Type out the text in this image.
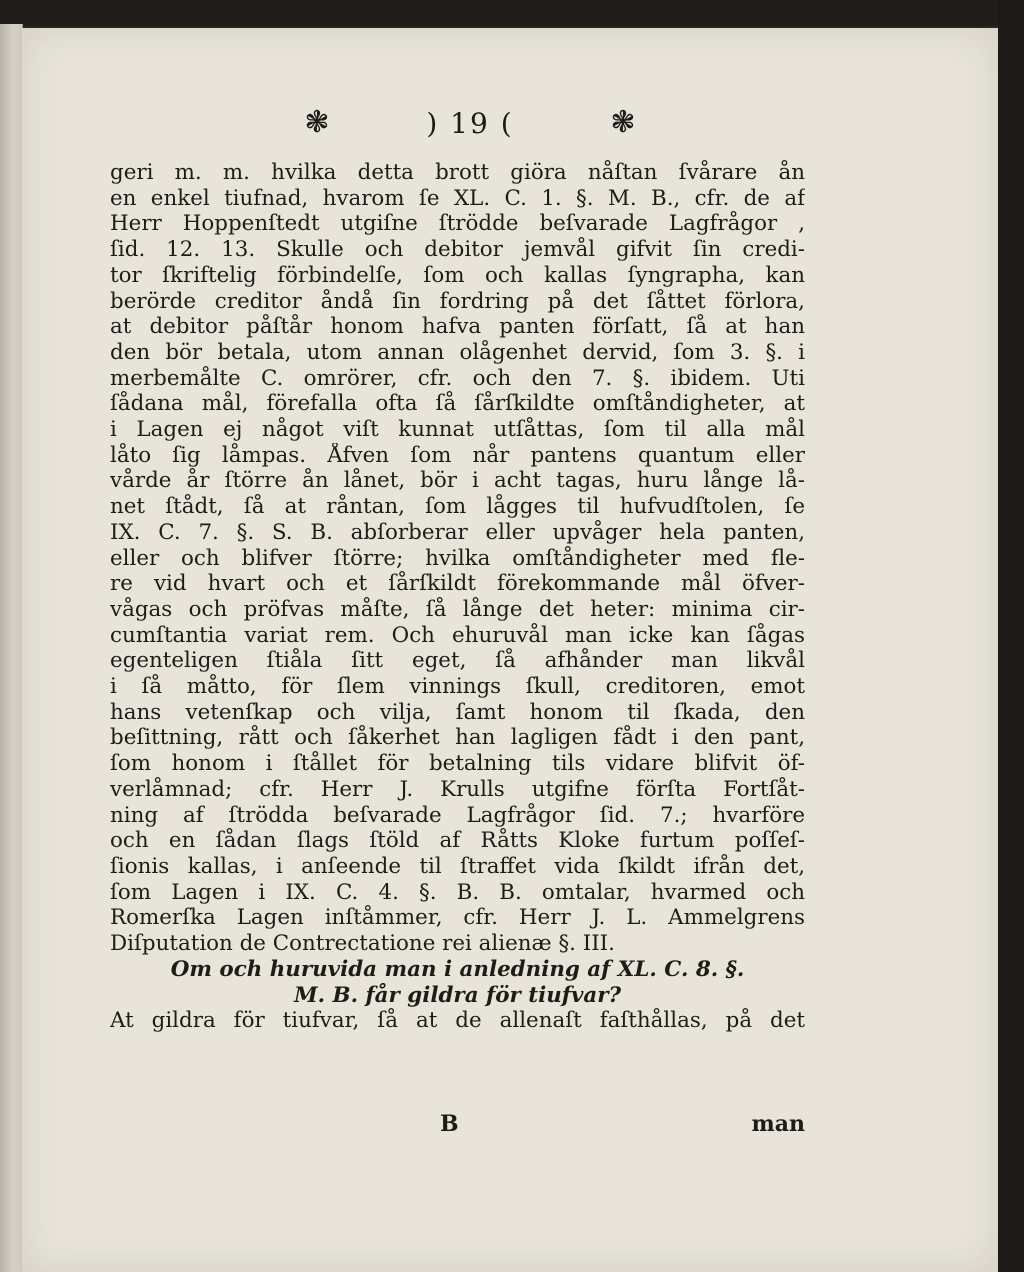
❃	) 19 (	❃
geri m. m. hvilka detta brott giöra nåſtan ſvårare ån
en enkel tiufnad, hvarom ſe XL. C. 1. §. M. B., cfr. de af
Herr Hoppenſtedt utgiſne ſtrödde beſvarade Lagfrågor ,
ſid. 12. 13. Skulle och debitor jemvål gifvit ſin credi-
tor ſkriftelig förbindelſe, ſom och kallas ſyngrapha, kan
berörde creditor åndå ſin fordring på det ſåttet förlora,
at debitor påſtår honom hafva panten förſatt, ſå at han
den bör betala, utom annan olågenhet dervid, ſom 3. §. i
merbemålte C. omrörer, cfr. och den 7. §. ibidem. Uti
ſådana mål, förefalla ofta ſå ſårſkildte omſtåndigheter, at
i Lagen ej något viſt kunnat utſåttas, ſom til alla mål
låto ſig låmpas. Åfven ſom når pantens quantum eller
vårde år ſtörre ån lånet, bör i acht tagas, huru långe lå-
net ſtådt, ſå at råntan, ſom lågges til hufvudſtolen, ſe
IX. C. 7. §. S. B. abſorberar eller upvåger hela panten,
eller och blifver ſtörre; hvilka omſtåndigheter med fle-
re vid hvart och et ſårſkildt förekommande mål öfver-
vågas och pröfvas måſte, ſå långe det heter: minima cir-
cumſtantia variat rem. Och ehuruvål man icke kan ſågas
egenteligen ſtiåla ſitt eget, ſå afhånder man likvål
i ſå måtto, för ſlem vinnings ſkull, creditoren, emot
hans vetenſkap och vilja, ſamt honom til ſkada, den
beſittning, rått och ſåkerhet han lagligen fådt i den pant,
ſom honom i ſtållet för betalning tils vidare blifvit öf-
verlåmnad; cfr. Herr J. Krulls utgifne förſta Fortſåt-
ning af ſtrödda beſvarade Lagfrågor ſid. 7.; hvarföre
och en ſådan ſlags ſtöld af Råtts Kloke furtum poſſeſ-
ſionis kallas, i anſeende til ſtraffet vida ſkildt ifrån det,
ſom Lagen i IX. C. 4. §. B. B. omtalar, hvarmed och
Romerſka Lagen inſtåmmer, cfr. Herr J. L. Ammelgrens
Diſputation de Contrectatione rei alienæ §. III.
Om och huruvida man i anledning af XL. C. 8. §.
M. B. får gildra för tiufvar?
At gildra för tiufvar, ſå at de allenaſt faſthållas, på det
B	man
